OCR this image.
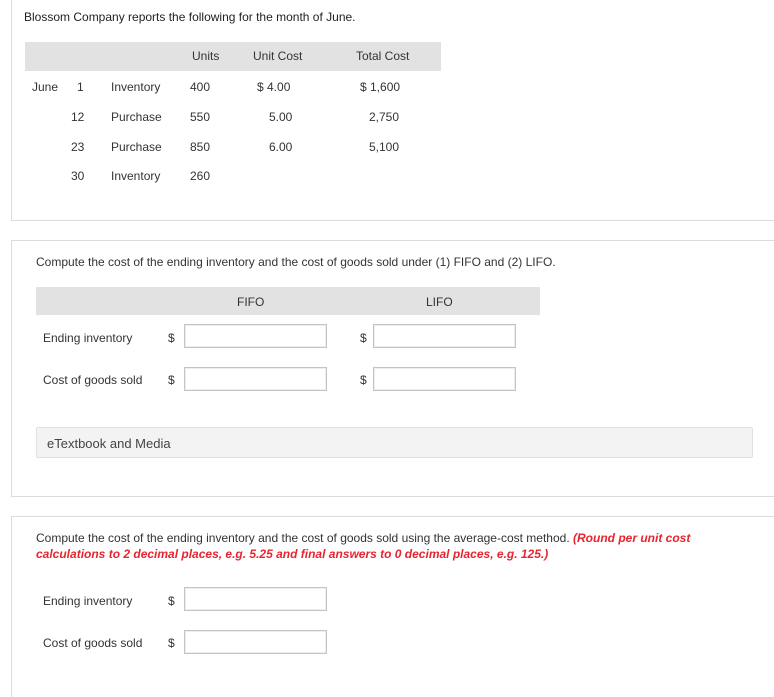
Blossom Company reports the following for the month of June.
Units	Unit Cost	Total Cost
June 1 Inventory 400	$ 4.00	$ 1,600
12 Purchase 550	5.00	2,750
23 Purchase 850	6.00	5,100
30 Inventory 260
Compute the cost of the ending inventory and the cost of goods sold under (1) FIFO and (2) LIFO.
FIFO	LIFO
Ending inventory	$	$
Cost of goods sold $	$
eTextbook and Media
Compute the cost of the ending inventory and the cost of goods sold using the average-cost method. (Round per unit cost calculations to 2 decimal places, e.g. 5.25 and final answers to 0 decimal places, e.g. 125.)
Ending inventory	$
Cost of goods sold $
